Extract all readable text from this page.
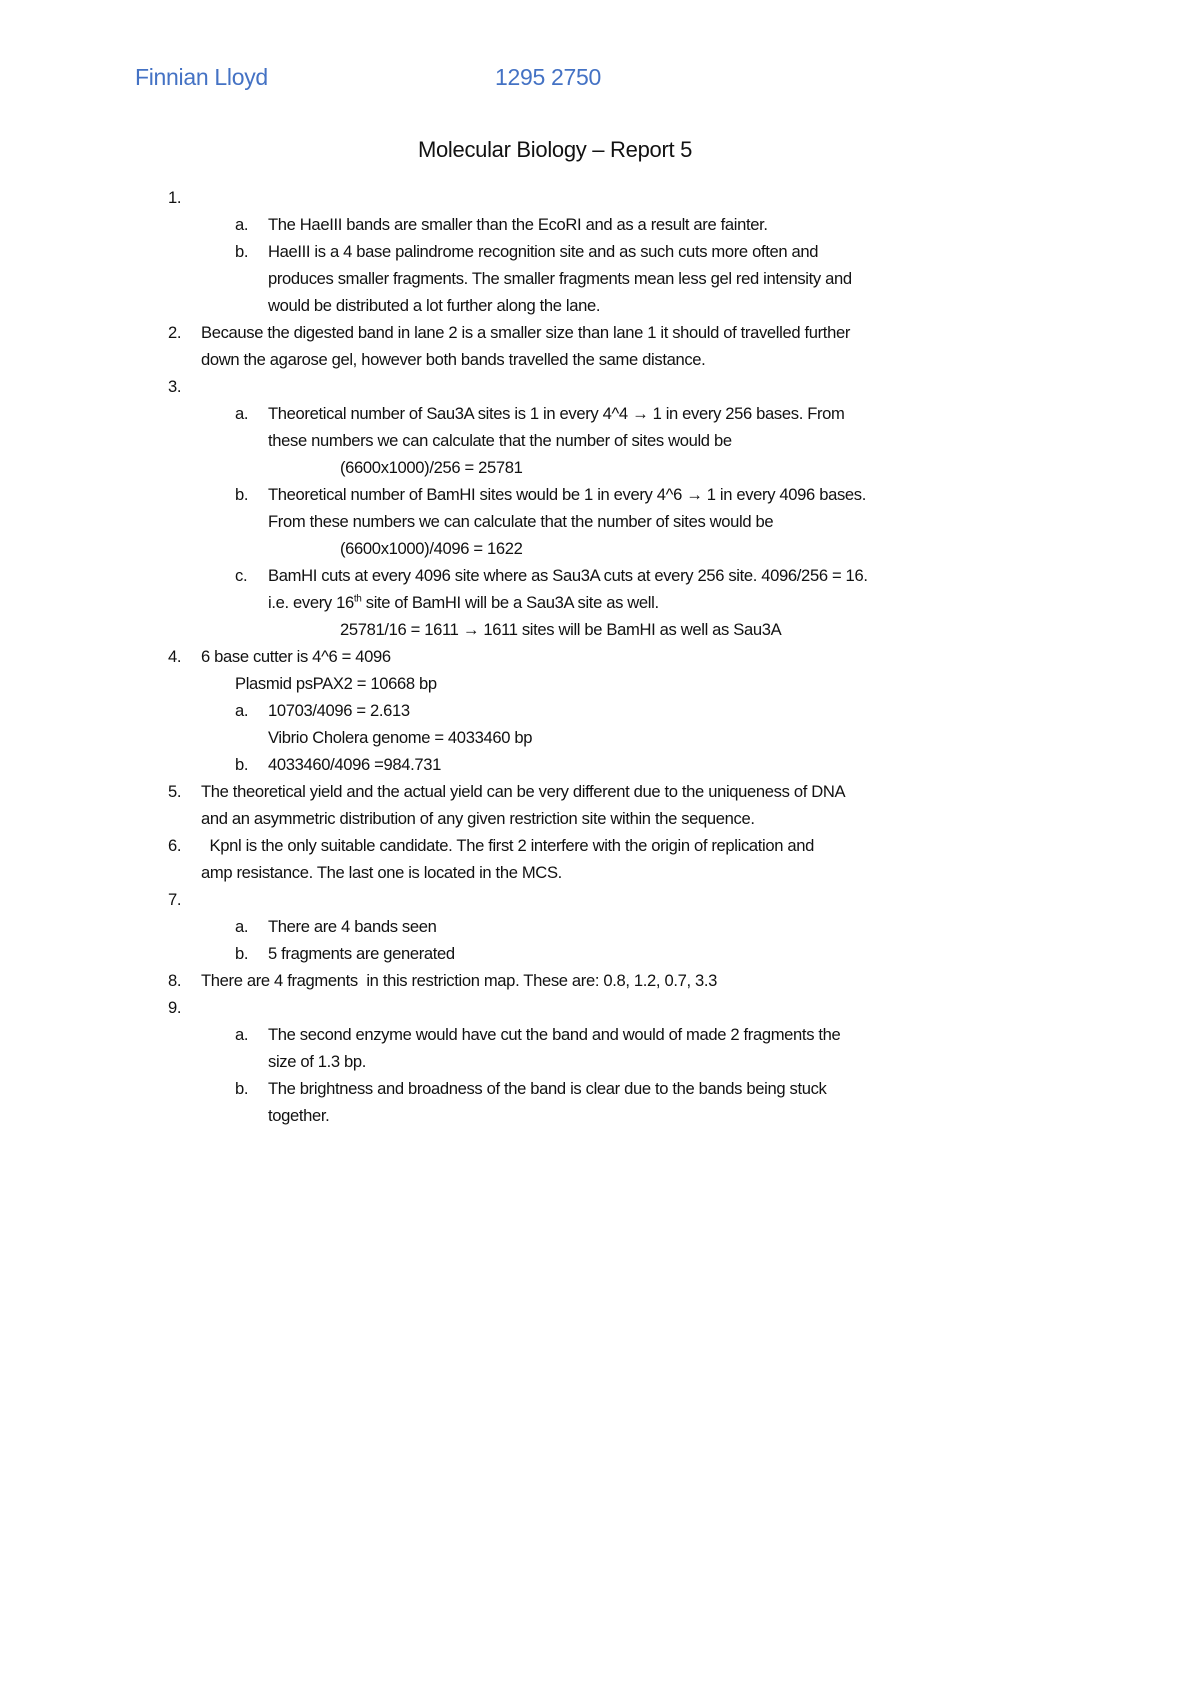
Finnian Lloyd	1295 2750
Molecular Biology – Report 5
1.
a. The HaeIII bands are smaller than the EcoRI and as a result are fainter.
b. HaeIII is a 4 base palindrome recognition site and as such cuts more often and
produces smaller fragments. The smaller fragments mean less gel red intensity and
would be distributed a lot further along the lane.
2. Because the digested band in lane 2 is a smaller size than lane 1 it should of travelled further
down the agarose gel, however both bands travelled the same distance.
3.
a. Theoretical number of Sau3A sites is 1 in every 4^4 → 1 in every 256 bases. From
these numbers we can calculate that the number of sites would be
(6600x1000)/256 = 25781
b. Theoretical number of BamHI sites would be 1 in every 4^6 → 1 in every 4096 bases.
From these numbers we can calculate that the number of sites would be
(6600x1000)/4096 = 1622
c. BamHI cuts at every 4096 site where as Sau3A cuts at every 256 site. 4096/256 = 16.
i.e. every 16th site of BamHI will be a Sau3A site as well.
25781/16 = 1611 → 1611 sites will be BamHI as well as Sau3A
4. 6 base cutter is 4^6 = 4096
Plasmid psPAX2 = 10668 bp
a. 10703/4096 = 2.613
Vibrio Cholera genome = 4033460 bp
b. 4033460/4096 =984.731
5. The theoretical yield and the actual yield can be very different due to the uniqueness of DNA
and an asymmetric distribution of any given restriction site within the sequence.
6. Kpnl is the only suitable candidate. The first 2 interfere with the origin of replication and
amp resistance. The last one is located in the MCS.
7.
a. There are 4 bands seen
b. 5 fragments are generated
8. There are 4 fragments  in this restriction map. These are: 0.8, 1.2, 0.7, 3.3
9.
a. The second enzyme would have cut the band and would of made 2 fragments the
size of 1.3 bp.
b. The brightness and broadness of the band is clear due to the bands being stuck
together.
